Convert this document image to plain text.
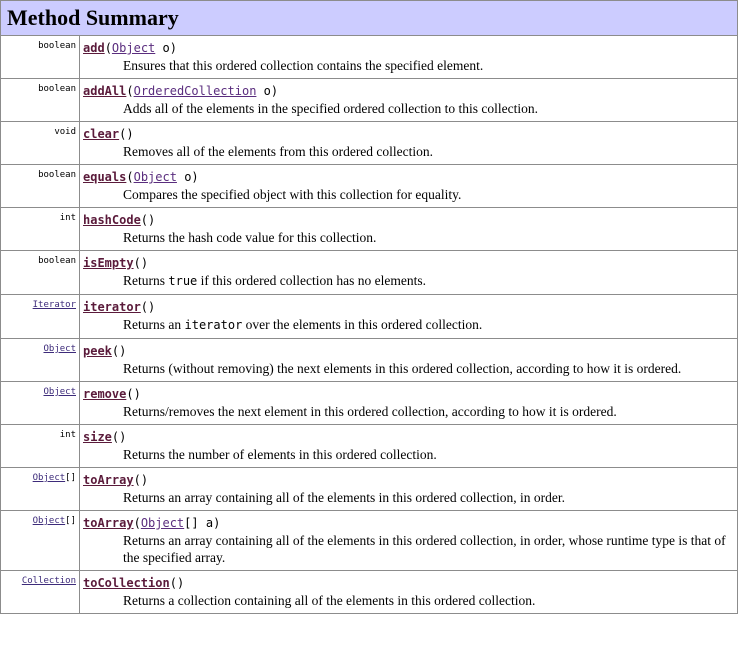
Method Summary	
boolean	add(Object o)
Ensures that this ordered collection contains the specified element.

boolean	addAll(OrderedCollection o)
Adds all of the elements in the specified ordered collection to this collection.

void	clear()
Removes all of the elements from this ordered collection.

boolean	equals(Object o)
Compares the specified object with this collection for equality.

int	hashCode()
Returns the hash code value for this collection.

boolean	isEmpty()
Returns true if this ordered collection has no elements.

Iterator	iterator()
Returns an iterator over the elements in this ordered collection.

Object	peek()
Returns (without removing) the next elements in this ordered collection, according to how it is ordered.

Object	remove()
Returns/removes the next element in this ordered collection, according to how it is ordered.

int	size()
Returns the number of elements in this ordered collection.

Object[]	toArray()
Returns an array containing all of the elements in this ordered collection, in order.

Object[]	toArray(Object[] a)
Returns an array containing all of the elements in this ordered collection, in order, whose runtime type is that of the specified array.

Collection	toCollection()
Returns a collection containing all of the elements in this ordered collection.
